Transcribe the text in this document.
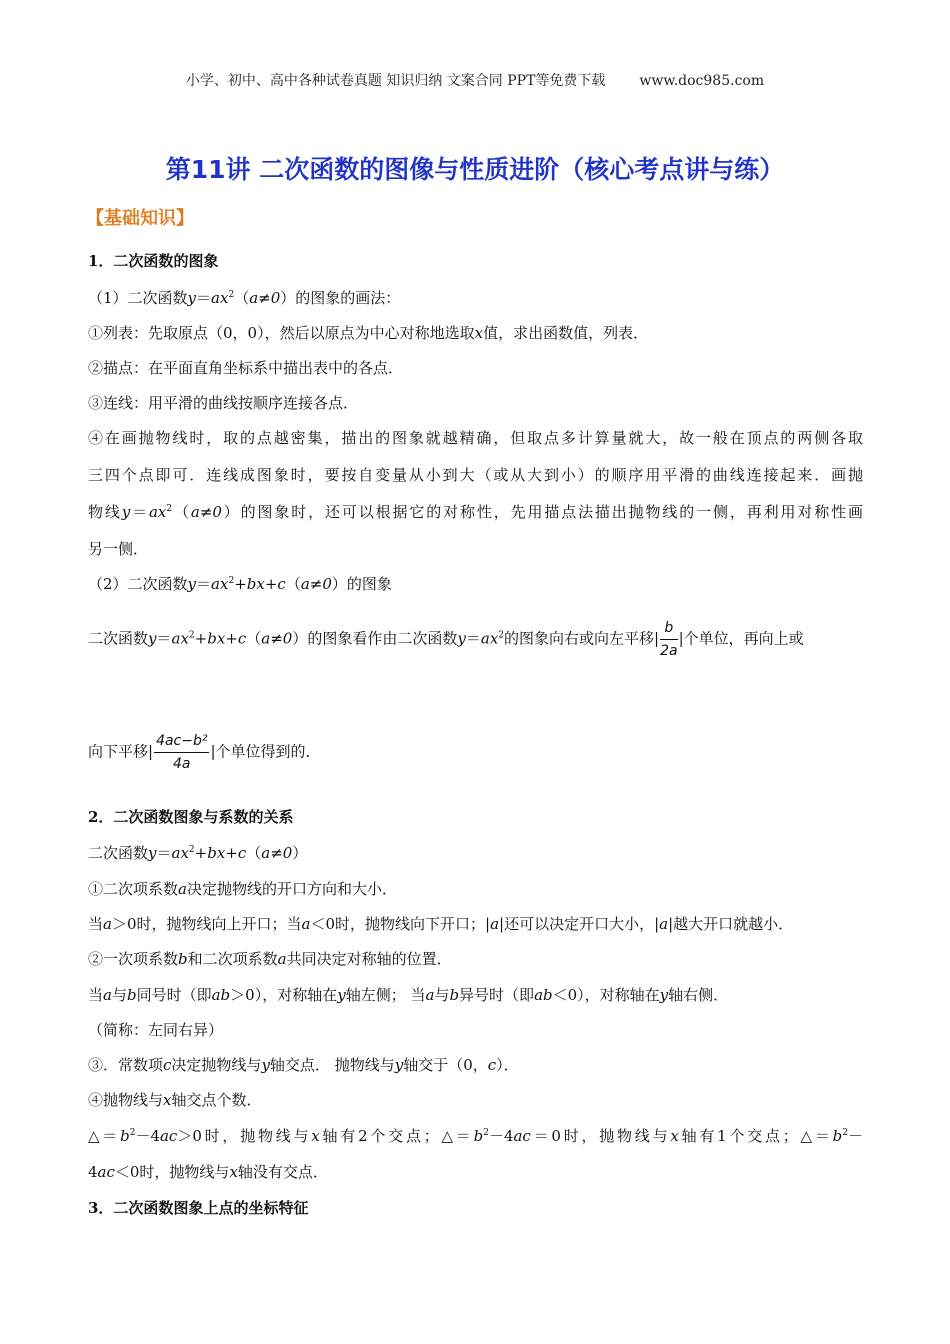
小学、初中、高中各种试卷真题 知识归纳 文案合同 PPT等免费下载 www.doc985.com
第11讲 二次函数的图像与性质进阶（核心考点讲与练）
【基础知识】
1．二次函数的图象
（1）二次函数$y=ax^2(a\ne 0)$的图象的画法：
①列表：先取原点（0，0），然后以原点为中心对称地选取x值，求出函数值，列表．
②描点：在平面直角坐标系中描出表中的各点．
③连线：用平滑的曲线按顺序连接各点．
④在画抛物线时，取的点越密集，描出的图象就越精确，但取点多计算量就大，故一般在顶点的两侧各取
三四个点即可．连线成图象时，要按自变量从小到大（或从大到小）的顺序用平滑的曲线连接起来．画抛
物线$y=ax^2(a\ne 0)$的图象时，还可以根据它的对称性，先用描点法描出抛物线的一侧，再利用对称性画
另一侧．
（2）二次函数$y=ax^2+bx+c(a\ne 0)$的图象
二次函数$y=ax^2+bx+c(a\ne 0)$的图象看作由二次函数$y=ax^2$的图象向右或向左平移| $\frac{b}{2a}$ |个单位，再向上或
向下平移| $\frac{\text{4ac−b²}}{4a}$ |个单位得到的．
2．二次函数图象与系数的关系
二次函数$y=ax^2+bx+c(a\ne 0)$
①二次项系数a决定抛物线的开口方向和大小．
当a＞0时，抛物线向上开口；当a＜0时，抛物线向下开口；|a|还可以决定开口大小，|a|越大开口就越小．
②一次项系数b和二次项系数a共同决定对称轴的位置．
当a与b同号时（即ab＞0），对称轴在y轴左侧； 当a与b异号时（即ab＜0），对称轴在y轴右侧．
（简称：左同右异）
③．常数项c决定抛物线与y轴交点． 抛物线与y轴交于（0，c）．
④抛物线与x轴交点个数．
$\triangle=b^2-4ac>0$时，抛物线与x轴有2个交点；$\triangle=b^2-4ac=0$时，抛物线与x轴有1个交点；$\triangle=b^2-$
4ac＜0时，抛物线与x轴没有交点．
3．二次函数图象上点的坐标特征
